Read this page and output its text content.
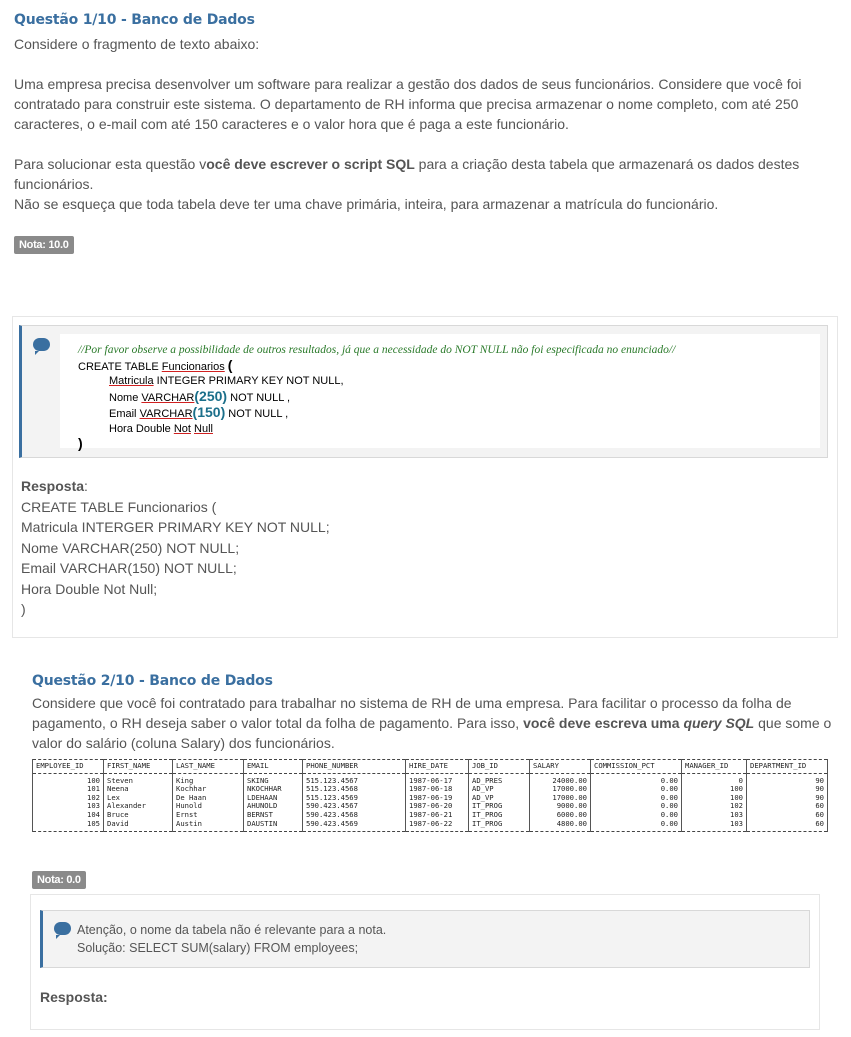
Questão 1/10 - Banco de Dados

Considere o fragmento de texto abaixo:

Uma empresa precisa desenvolver um software para realizar a gestão dos dados de seus funcionários. Considere que você foi contratado para construir este sistema. O departamento de RH informa que precisa armazenar o nome completo, com até 250 caracteres, o e-mail com até 150 caracteres e o valor hora que é paga a este funcionário.

Para solucionar esta questão você deve escrever o script SQL para a criação desta tabela que armazenará os dados destes funcionários.

Não se esqueça que toda tabela deve ter uma chave primária, inteira, para armazenar a matrícula do funcionário.

Nota: 10.0
//Por favor observe a possibilidade de outros resultados, já que a necessidade do NOT NULL não foi especificada no enunciado//
CREATE TABLE Funcionarios (
Matricula INTEGER PRIMARY KEY NOT NULL,
Nome VARCHAR(250) NOT NULL ,
Email VARCHAR(150) NOT NULL ,
Hora Double Not Null
)
Resposta:
CREATE TABLE Funcionarios (
Matricula INTERGER PRIMARY KEY NOT NULL;
Nome VARCHAR(250) NOT NULL;
Email VARCHAR(150) NOT NULL;
Hora Double Not Null;
)
Questão 2/10 - Banco de Dados

Considere que você foi contratado para trabalhar no sistema de RH de uma empresa. Para facilitar o processo da folha de pagamento, o RH deseja saber o valor total da folha de pagamento. Para isso, você deve escreva uma query SQL que some o valor do salário (coluna Salary) dos funcionários.

EMPLOYEE_ID	FIRST_NAME	LAST_NAME	EMAIL	PHONE_NUMBER	HIRE_DATE	JOB_ID	SALARY	COMMISSION_PCT	MANAGER_ID	DEPARTMENT_ID
100	Steven	King	SKING	515.123.4567	1987-06-17	AD_PRES	24000.00	0.00	0	90
101	Neena	Kochhar	NKOCHHAR	515.123.4568	1987-06-18	AD_VP	17000.00	0.00	100	90
102	Lex	De Haan	LDEHAAN	515.123.4569	1987-06-19	AD_VP	17000.00	0.00	100	90
103	Alexander	Hunold	AHUNOLD	590.423.4567	1987-06-20	IT_PROG	9000.00	0.00	102	60
104	Bruce	Ernst	BERNST	590.423.4568	1987-06-21	IT_PROG	6000.00	0.00	103	60
105	David	Austin	DAUSTIN	590.423.4569	1987-06-22	IT_PROG	4800.00	0.00	103	60
Nota: 0.0
Atenção, o nome da tabela não é relevante para a nota.
Solução: SELECT SUM(salary) FROM employees;
Resposta:
